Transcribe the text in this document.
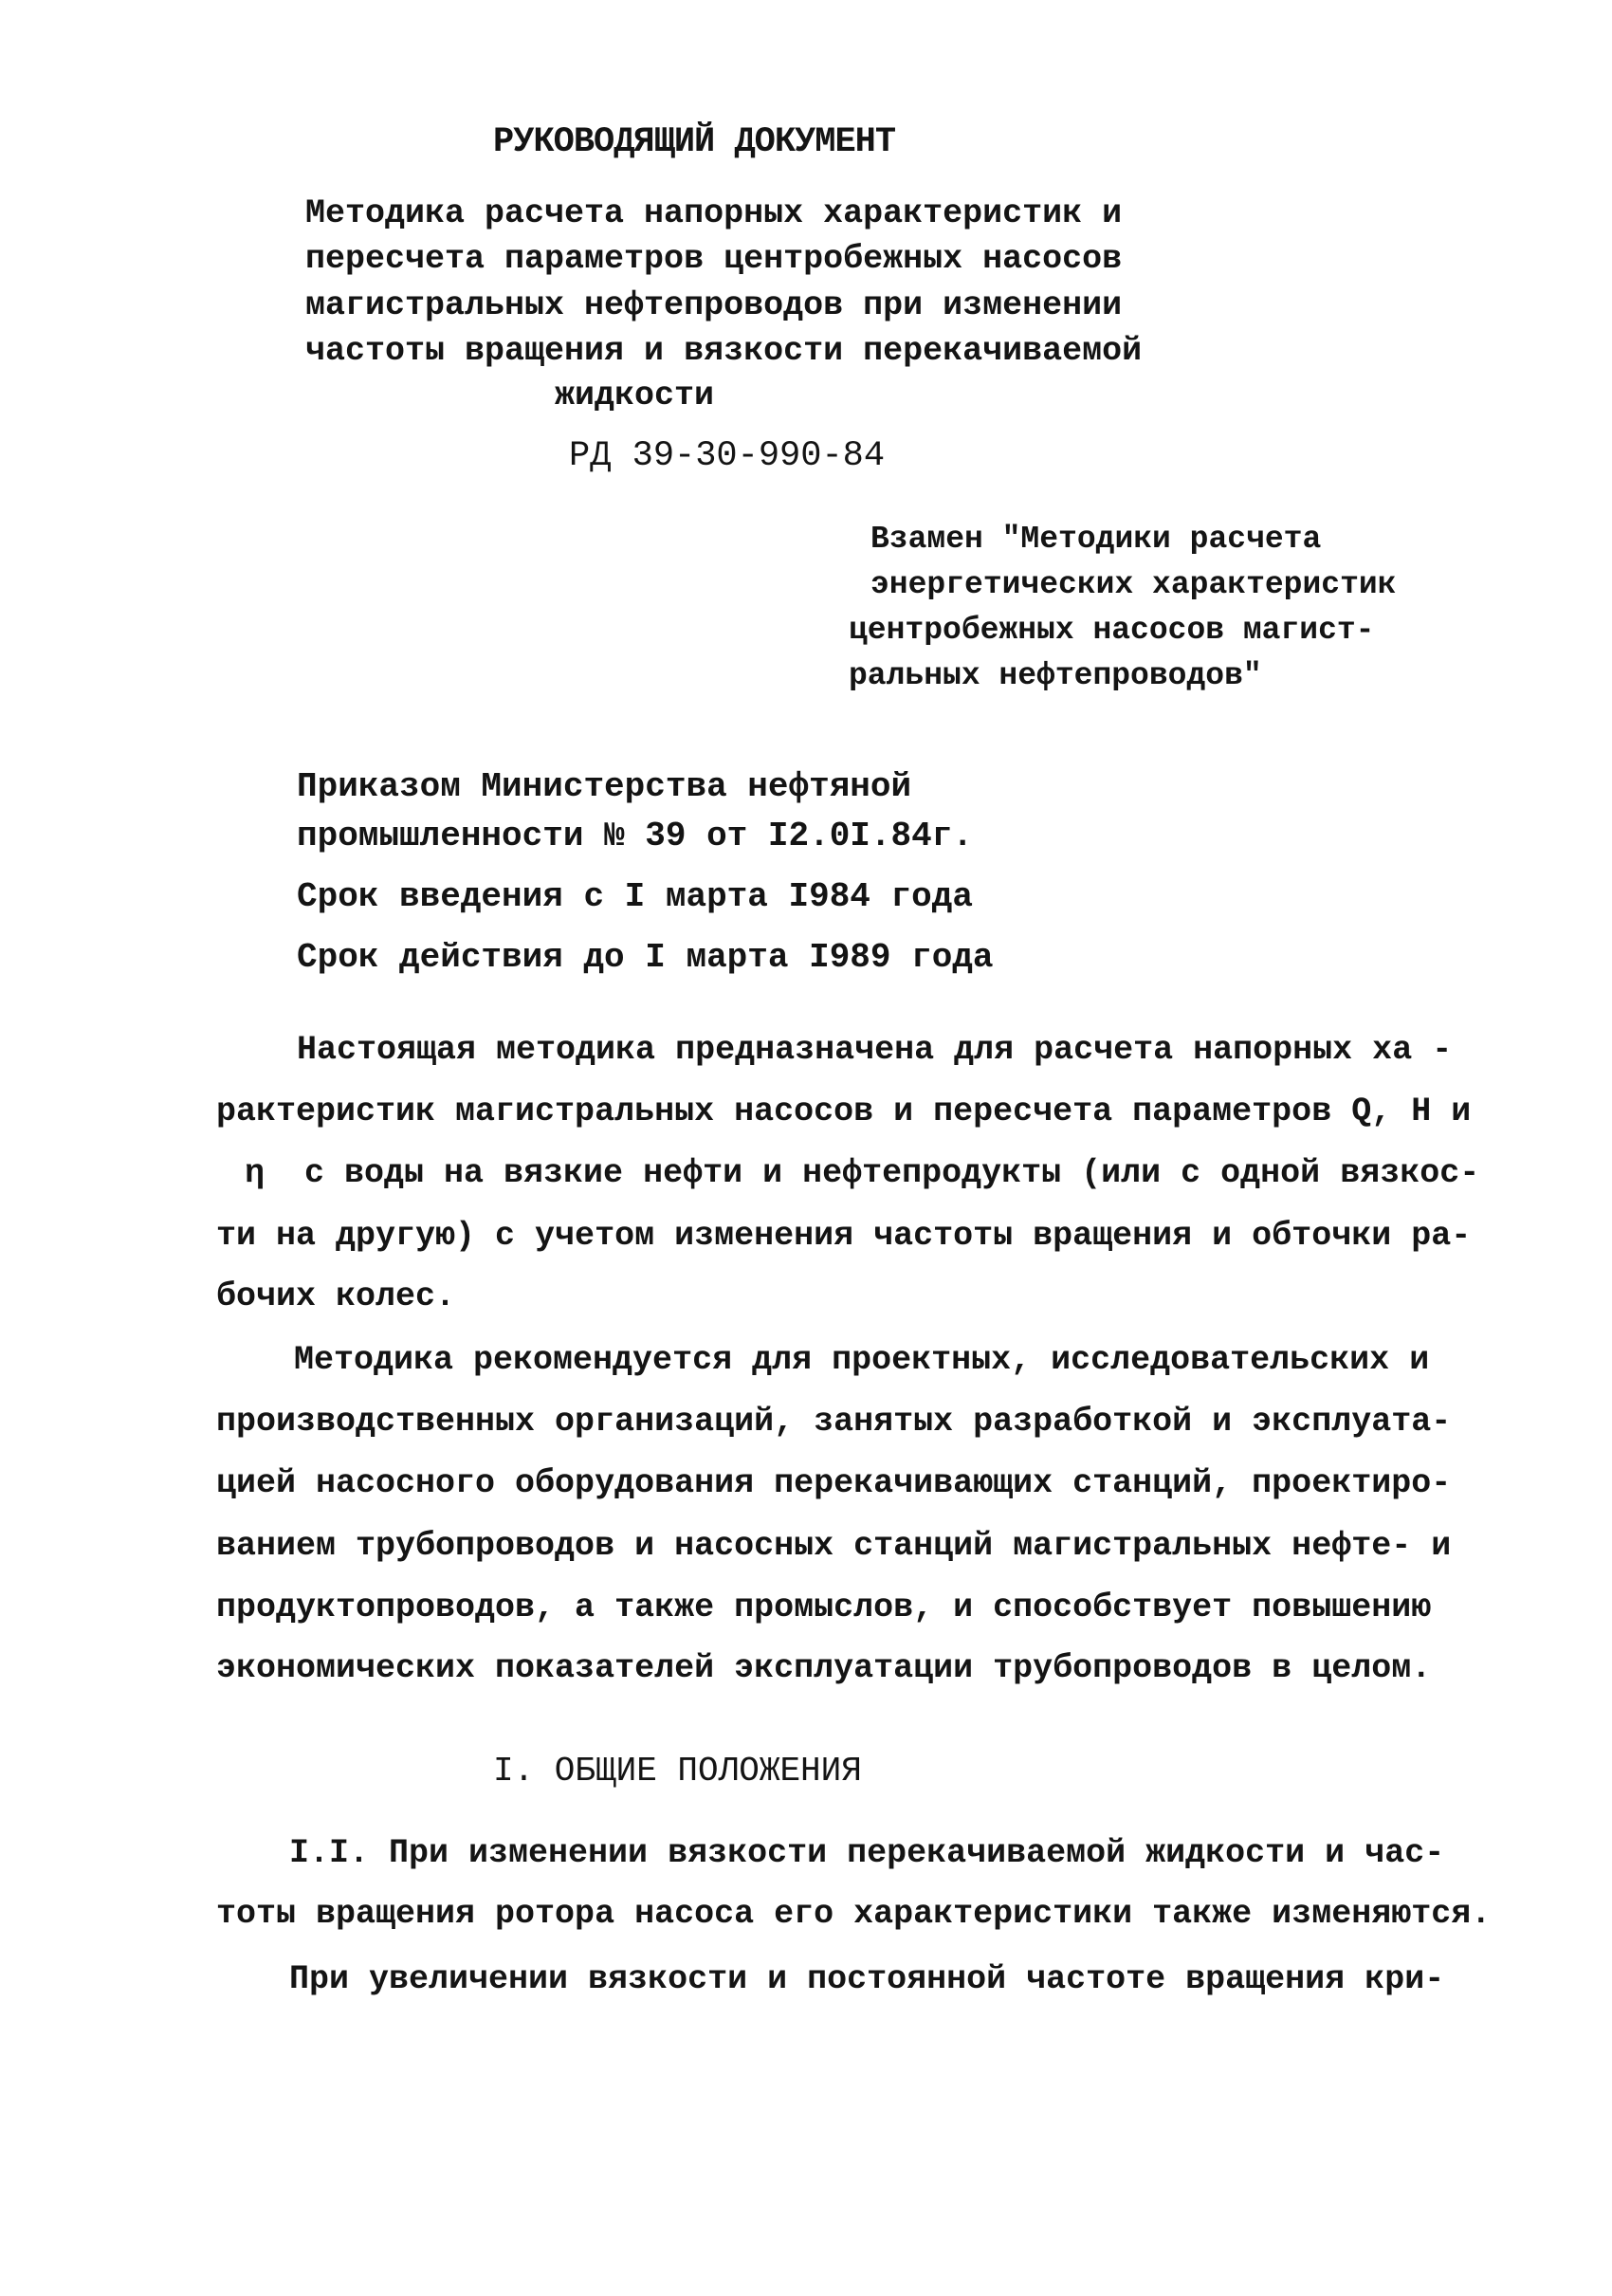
РУКОВОДЯЩИЙ ДОКУМЕНТ
Методика расчета напорных характеристик и
пересчета параметров центробежных насосов
магистральных нефтепроводов при изменении
частоты вращения и вязкости перекачиваемой
жидкости
РД 39-30-990-84
Взамен "Методики расчета
энергетических характеристик
центробежных насосов магист-
ральных нефтепроводов"
Приказом Министерства нефтяной
промышленности № 39 от I2.0I.84г.
Срок введения с I марта I984 года
Срок действия до I марта I989 года
Настоящая методика предназначена для расчета напорных ха -
рактеристик магистральных насосов и пересчета параметров Q, H и
η  с воды на вязкие нефти и нефтепродукты (или с одной вязкос-
ти на другую) с учетом изменения частоты вращения и обточки ра-
бочих колес.
Методика рекомендуется для проектных, исследовательских и
производственных организаций, занятых разработкой и эксплуата-
цией насосного оборудования перекачивающих станций, проектиро-
ванием трубопроводов и насосных станций магистральных нефте- и
продуктопроводов, а также промыслов, и способствует повышению
экономических показателей эксплуатации трубопроводов в целом.
I. ОБЩИЕ ПОЛОЖЕНИЯ
I.I. При изменении вязкости перекачиваемой жидкости и час-
тоты вращения ротора насоса его характеристики также изменяются.
При увеличении вязкости и постоянной частоте вращения кри-
